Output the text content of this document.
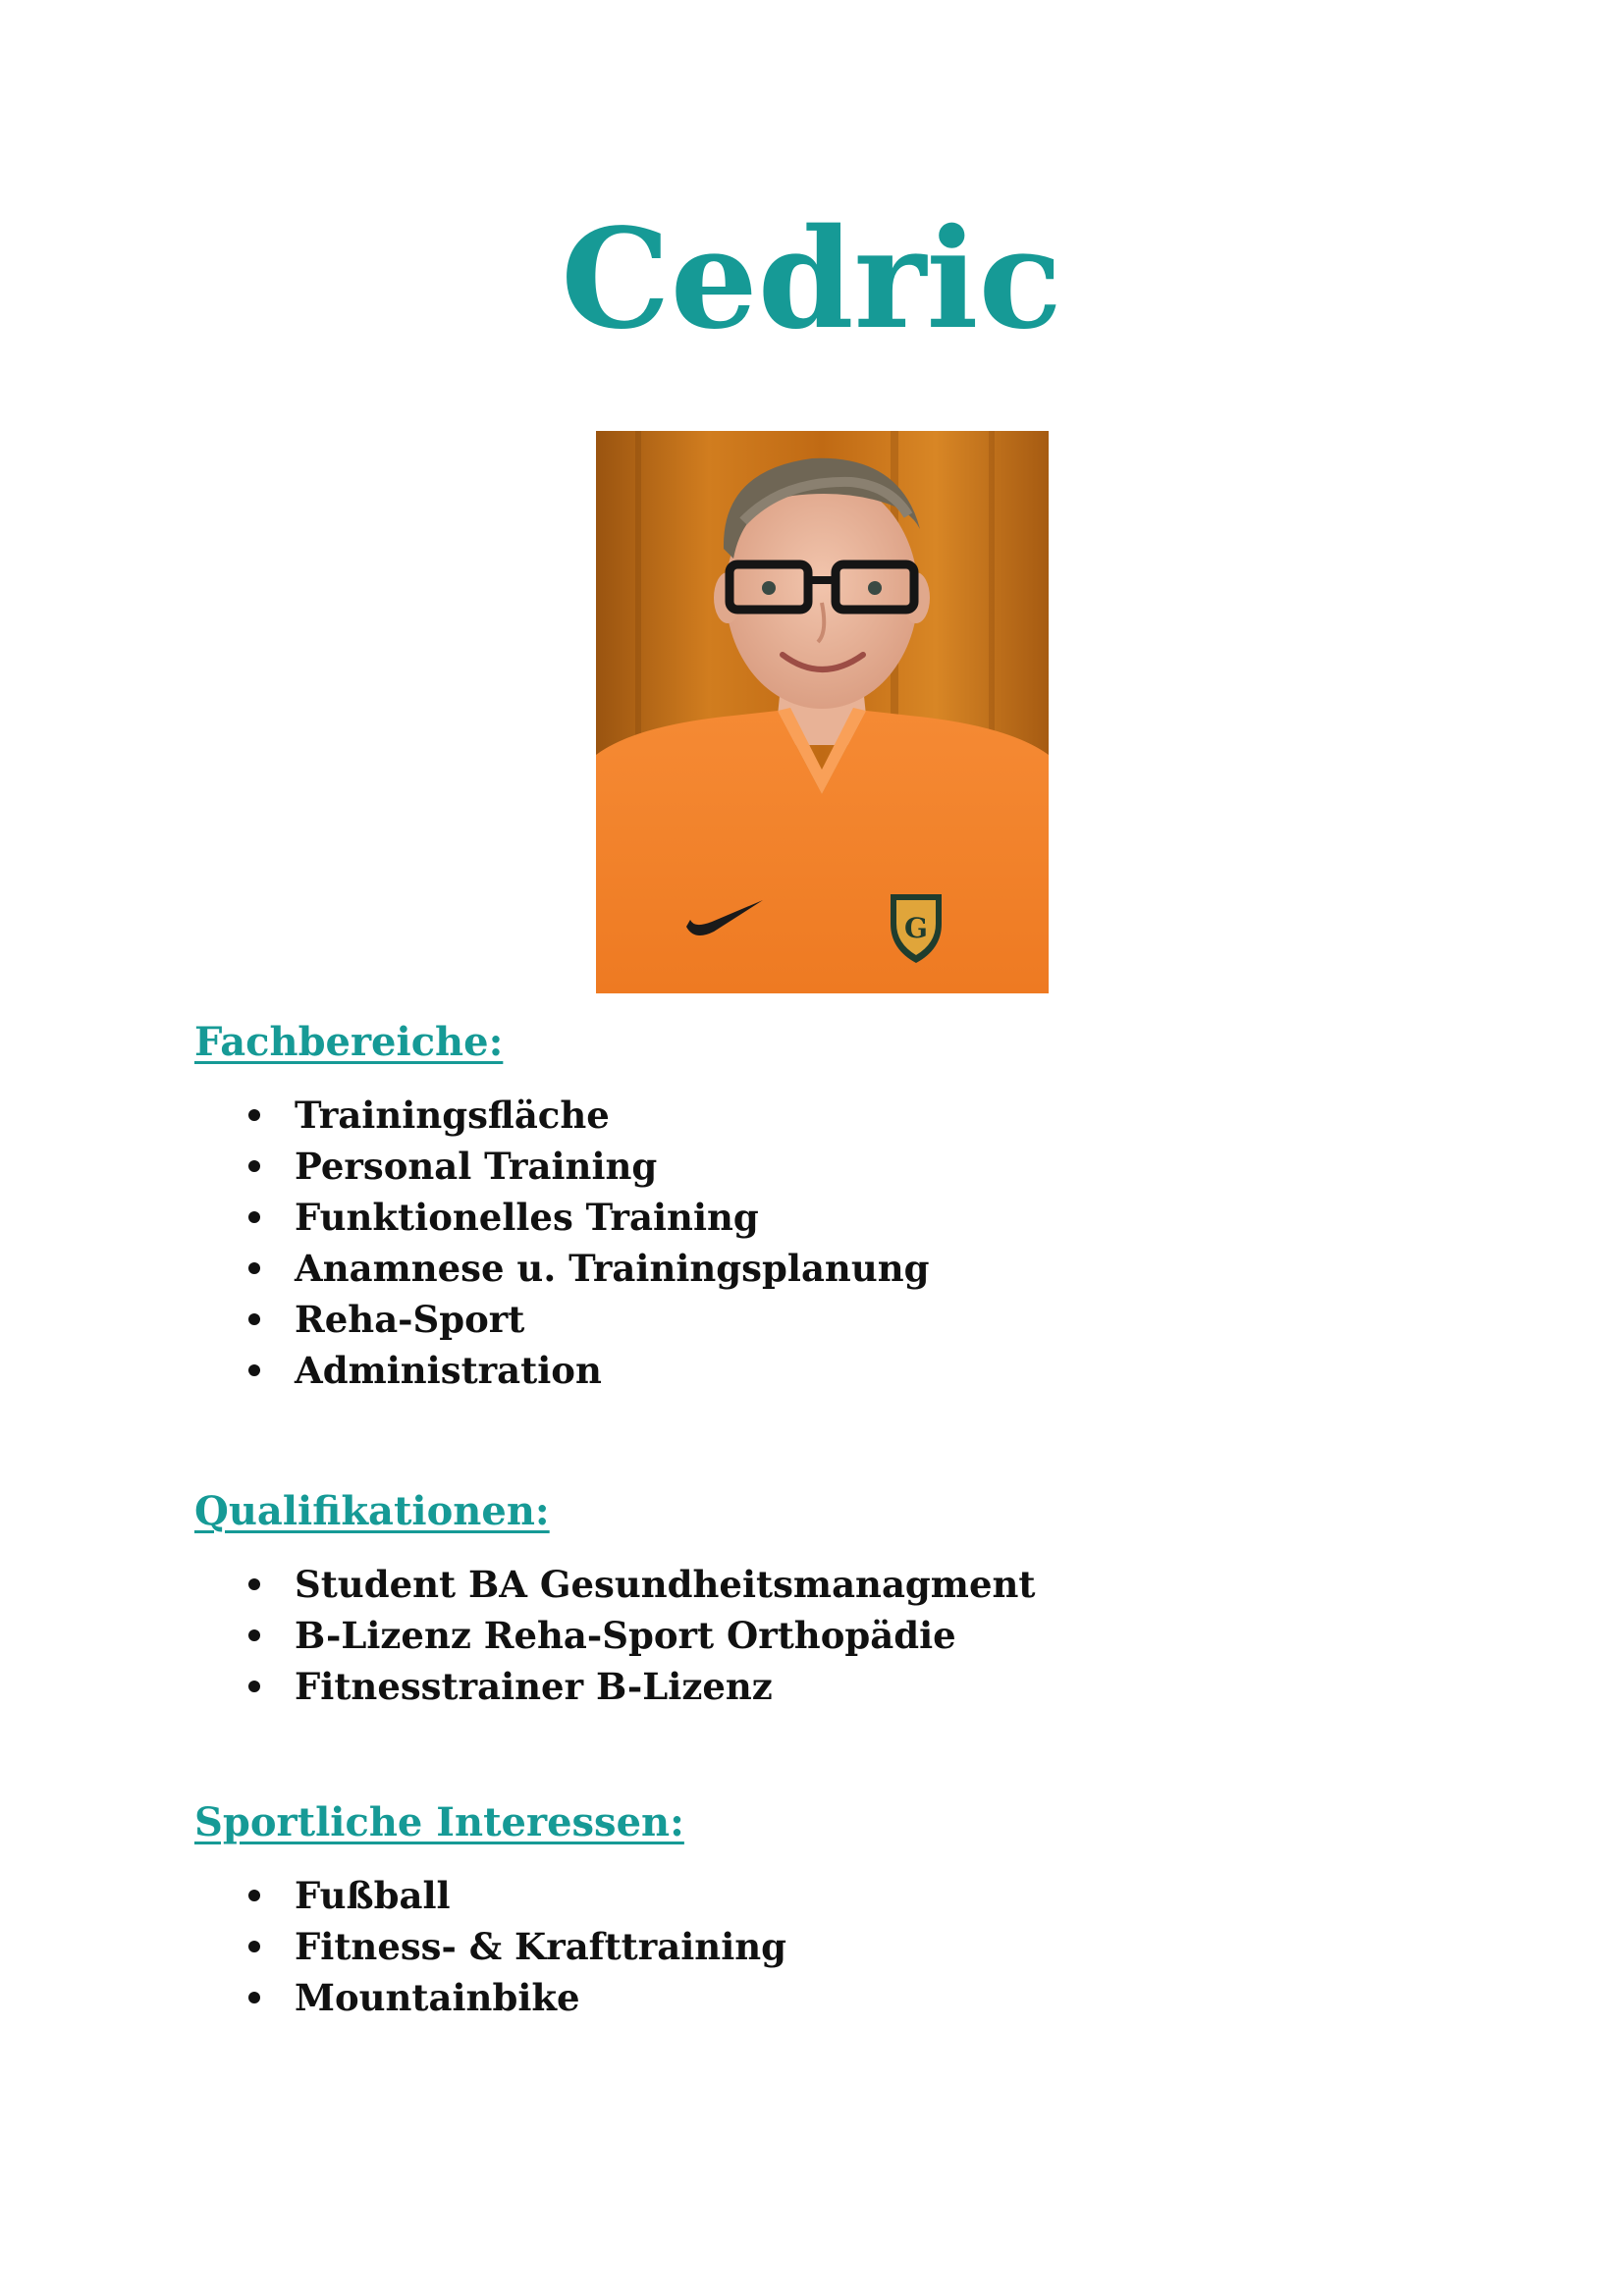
Cedric
G
Fachbereiche:
Trainingsfläche
Personal Training
Funktionelles Training
Anamnese u. Trainingsplanung
Reha-Sport
Administration
Qualifikationen:
Student BA Gesundheitsmanagment
B-Lizenz Reha-Sport Orthopädie
Fitnesstrainer B-Lizenz
Sportliche Interessen:
Fußball
Fitness- & Krafttraining
Mountainbike
